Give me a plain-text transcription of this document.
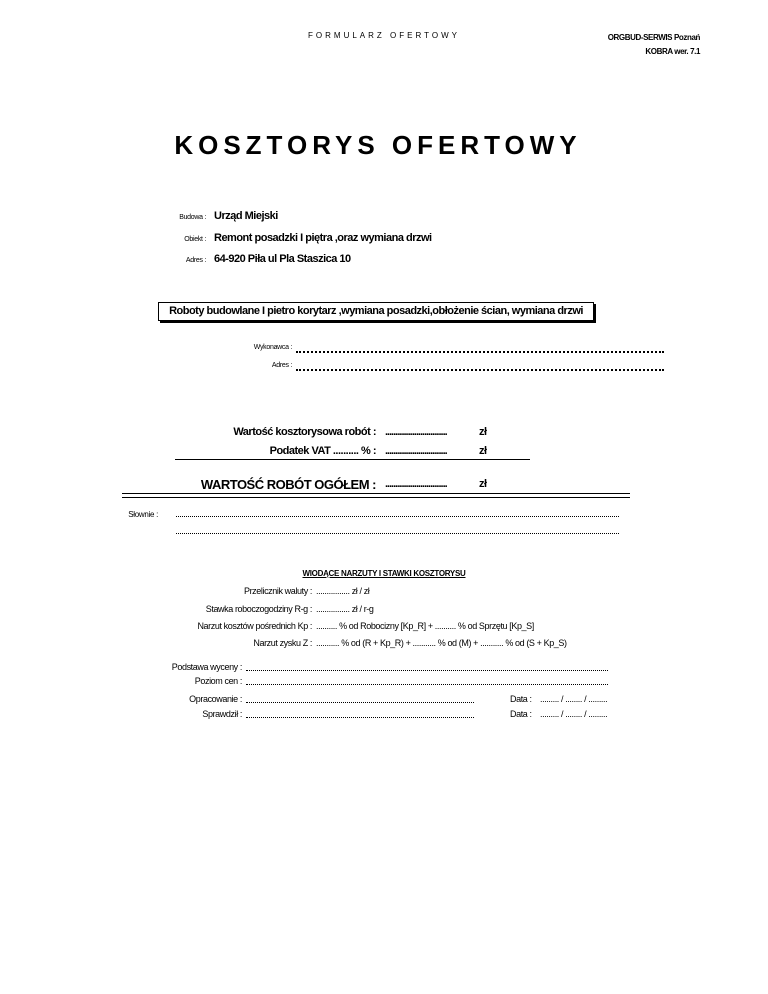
FORMULARZ OFERTOWY	ORGBUD-SERWIS Poznań
KOBRA wer. 7.1
KOSZTORYS OFERTOWY
Budowa : Urząd Miejski
Obiekt : Remont posadzki I piętra ,oraz wymiana drzwi
Adres : 64-920 Piła ul Pla Staszica 10
Roboty budowlane I pietro korytarz ,wymiana posadzki,obłożenie ścian, wymiana drzwi
Wykonawca :
Adres :
Wartość kosztorysowa robót : ..............................	zł
Podatek VAT .......... % : ..............................	zł
WARTOŚĆ ROBÓT OGÓŁEM : ..............................	zł
Słownie :
WIODĄCE NARZUTY I STAWKI KOSZTORYSU
Przelicznik waluty : ................ zł / zł
Stawka roboczogodziny R-g : ................ zł / r-g
Narzut kosztów pośrednich Kp : .......... % od Robocizny [Kp_R] + .......... % od Sprzętu [Kp_S]
Narzut zysku Z : ........... % od (R + Kp_R) + ........... % od (M) + ........... % od (S + Kp_S)
Podstawa wyceny :
Poziom cen :
Opracowanie :	Data : ......... / ........ / .........
Sprawdził :	Data : ......... / ........ / .........
